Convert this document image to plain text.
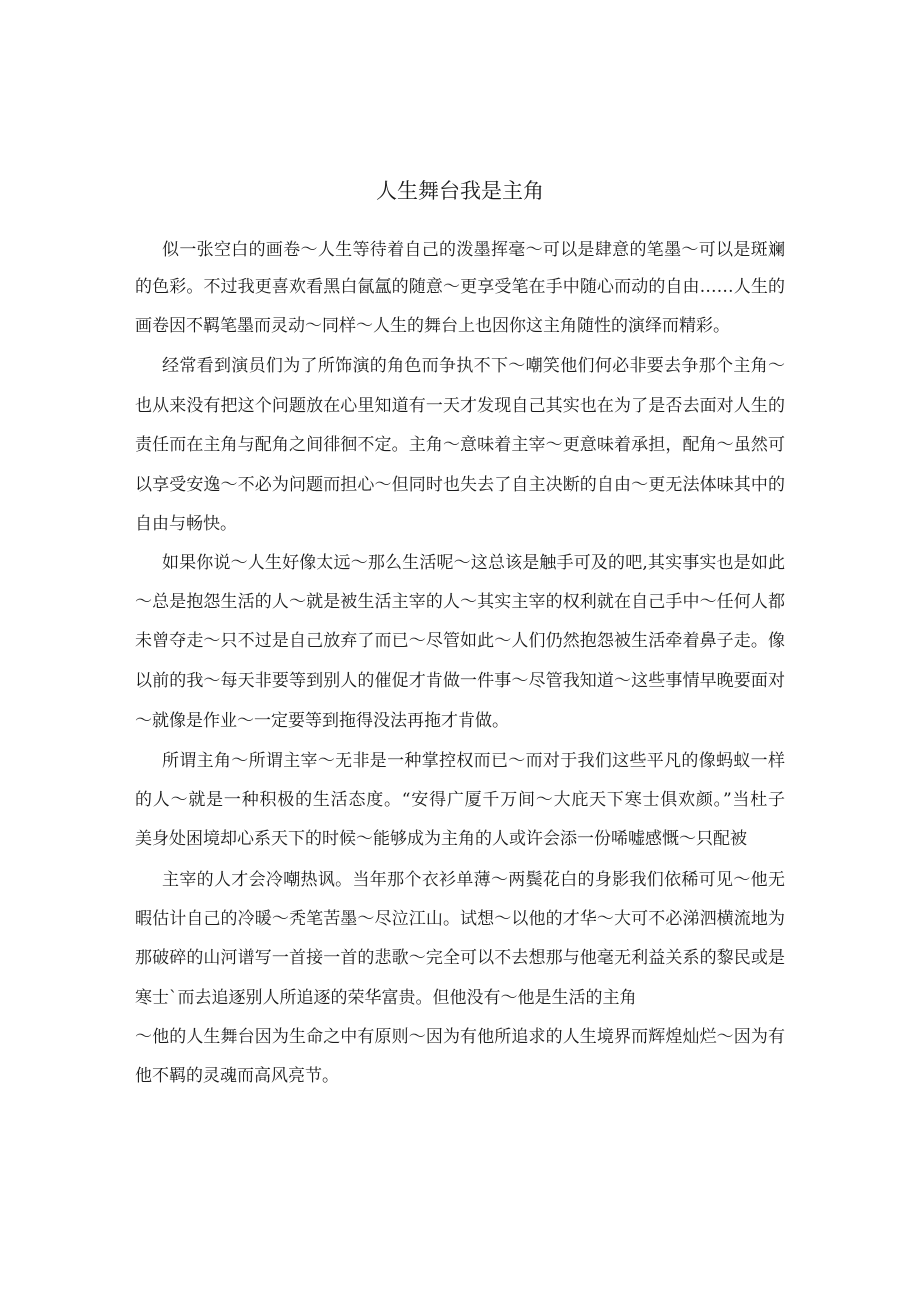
人生舞台我是主角

似一张空白的画卷～人生等待着自己的泼墨挥毫～可以是肆意的笔墨～可以是斑斓

的色彩。不过我更喜欢看黑白氤氲的随意～更享受笔在手中随心而动的自由……人生的

画卷因不羁笔墨而灵动～同样～人生的舞台上也因你这主角随性的演绎而精彩。

经常看到演员们为了所饰演的角色而争执不下～嘲笑他们何必非要去争那个主角～

也从来没有把这个问题放在心里知道有一天才发现自己其实也在为了是否去面对人生的

责任而在主角与配角之间徘徊不定。主角～意味着主宰～更意味着承担，配角～虽然可

以享受安逸～不必为问题而担心～但同时也失去了自主决断的自由～更无法体味其中的

自由与畅快。

如果你说～人生好像太远～那么生活呢～这总该是触手可及的吧,其实事实也是如此

～总是抱怨生活的人～就是被生活主宰的人～其实主宰的权利就在自己手中～任何人都

未曾夺走～只不过是自己放弃了而已～尽管如此～人们仍然抱怨被生活牵着鼻子走。像

以前的我～每天非要等到别人的催促才肯做一件事～尽管我知道～这些事情早晚要面对

～就像是作业～一定要等到拖得没法再拖才肯做。

所谓主角～所谓主宰～无非是一种掌控权而已～而对于我们这些平凡的像蚂蚁一样

的人～就是一种积极的生活态度。“安得广厦千万间～大庇天下寒士俱欢颜。”当杜子

美身处困境却心系天下的时候～能够成为主角的人或许会添一份唏嘘感慨～只配被

主宰的人才会冷嘲热讽。当年那个衣衫单薄～两鬓花白的身影我们依稀可见～他无

暇估计自己的冷暖～秃笔苦墨～尽泣江山。试想～以他的才华～大可不必涕泗横流地为

那破碎的山河谱写一首接一首的悲歌～完全可以不去想那与他毫无利益关系的黎民或是

寒士`而去追逐别人所追逐的荣华富贵。但他没有～他是生活的主角

～他的人生舞台因为生命之中有原则～因为有他所追求的人生境界而辉煌灿烂～因为有

他不羁的灵魂而高风亮节。
